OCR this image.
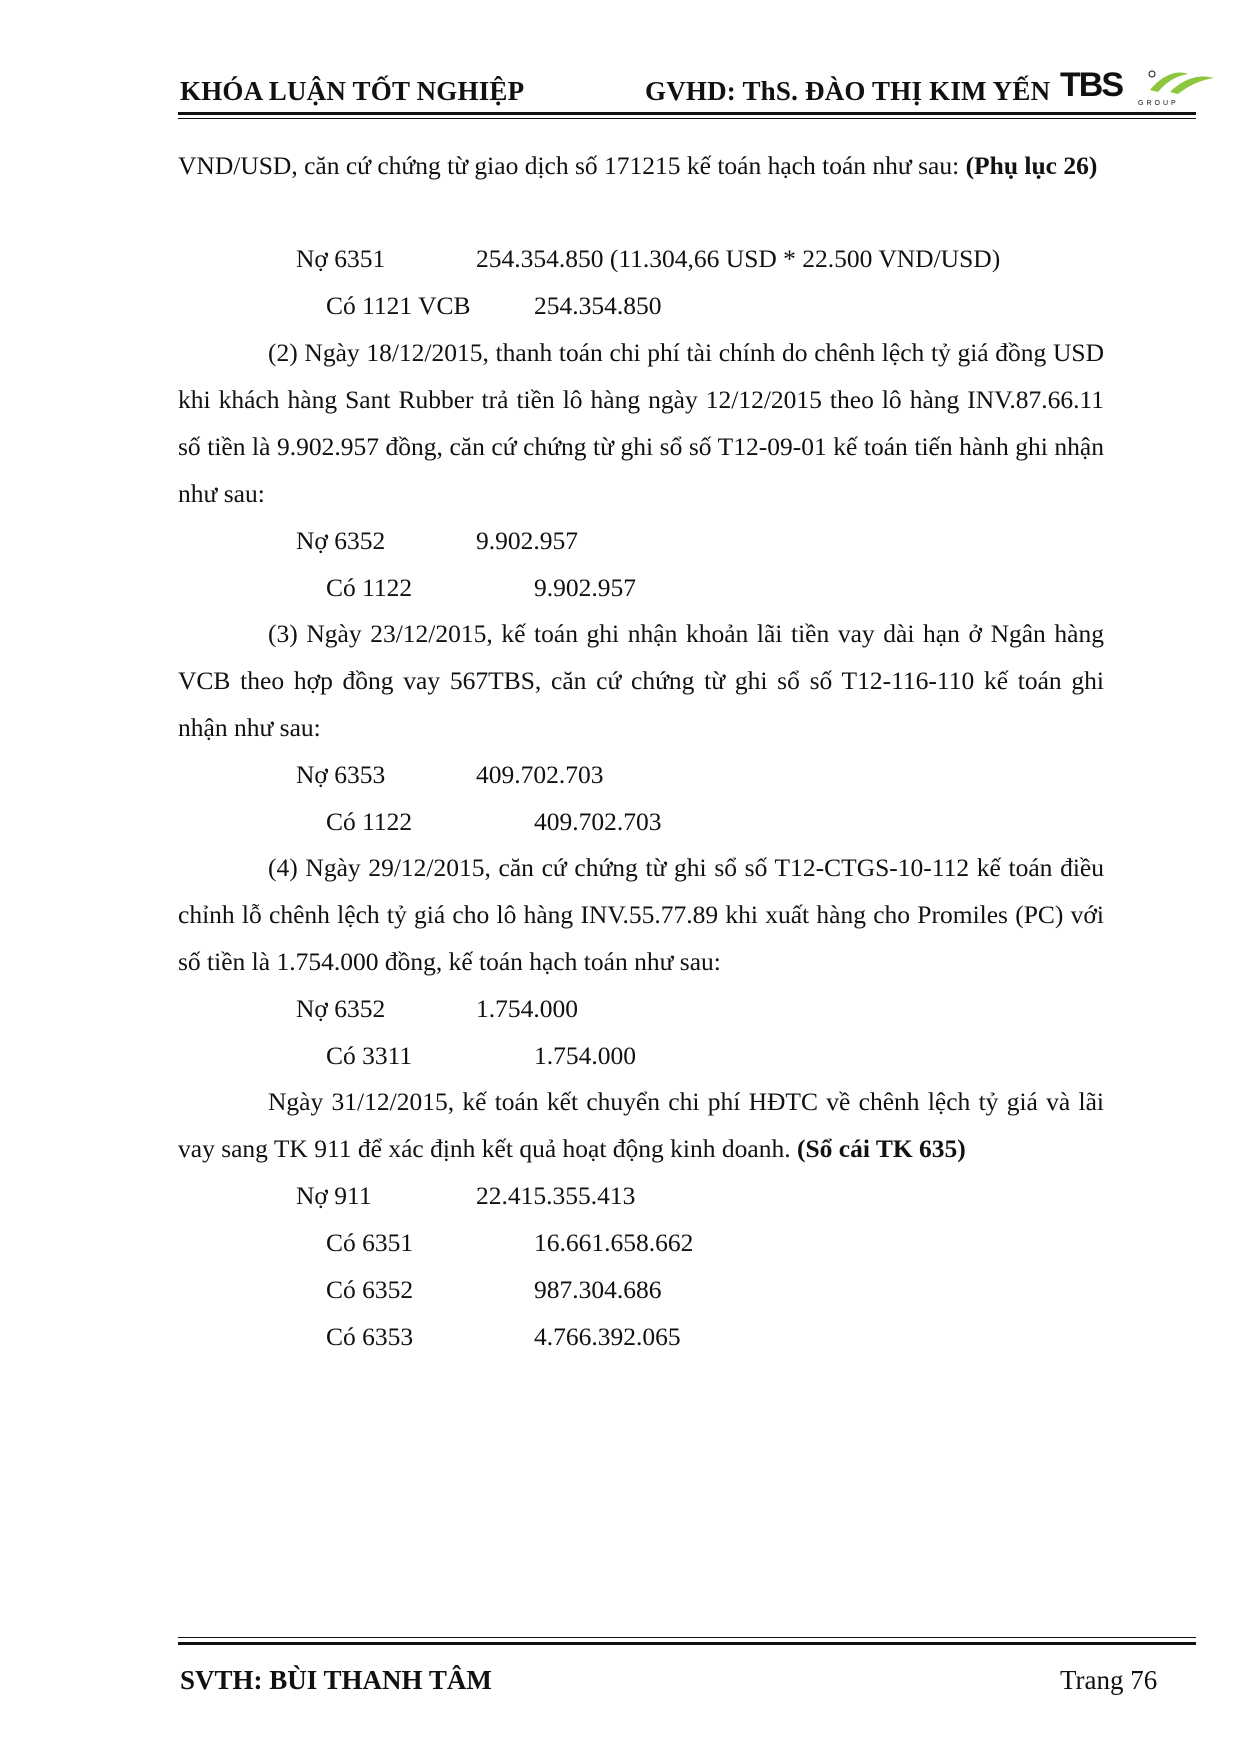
KHÓA LUẬN TỐT NGHIỆP	GVHD: ThS. ĐÀO THỊ KIM YẾN TBS GROUP
VND/USD, căn cứ chứng từ giao dịch số 171215 kế toán hạch toán như sau: (Phụ lục 26)
Nợ 6351	254.354.850 (11.304,66 USD * 22.500 VND/USD)
Có 1121 VCB 254.354.850
(2) Ngày 18/12/2015, thanh toán chi phí tài chính do chênh lệch tỷ giá đồng USD khi khách hàng Sant Rubber trả tiền lô hàng ngày 12/12/2015 theo lô hàng INV.87.66.11 số tiền là 9.902.957 đồng, căn cứ chứng từ ghi sổ số T12-09-01 kế toán tiến hành ghi nhận như sau:
Nợ 6352	9.902.957
Có 1122	9.902.957
(3) Ngày 23/12/2015, kế toán ghi nhận khoản lãi tiền vay dài hạn ở Ngân hàng VCB theo hợp đồng vay 567TBS, căn cứ chứng từ ghi sổ số T12-116-110 kế toán ghi nhận như sau:
Nợ 6353	409.702.703
Có 1122	409.702.703
(4) Ngày 29/12/2015, căn cứ chứng từ ghi sổ số T12-CTGS-10-112 kế toán điều chỉnh lỗ chênh lệch tỷ giá cho lô hàng INV.55.77.89 khi xuất hàng cho Promiles (PC) với số tiền là 1.754.000 đồng, kế toán hạch toán như sau:
Nợ 6352	1.754.000
Có 3311	1.754.000
Ngày 31/12/2015, kế toán kết chuyển chi phí HĐTC về chênh lệch tỷ giá và lãi vay sang TK 911 để xác định kết quả hoạt động kinh doanh. (Sổ cái TK 635)
Nợ 911	22.415.355.413
Có 6351	16.661.658.662
Có 6352	987.304.686
Có 6353	4.766.392.065
SVTH: BÙI THANH TÂM	Trang 76
